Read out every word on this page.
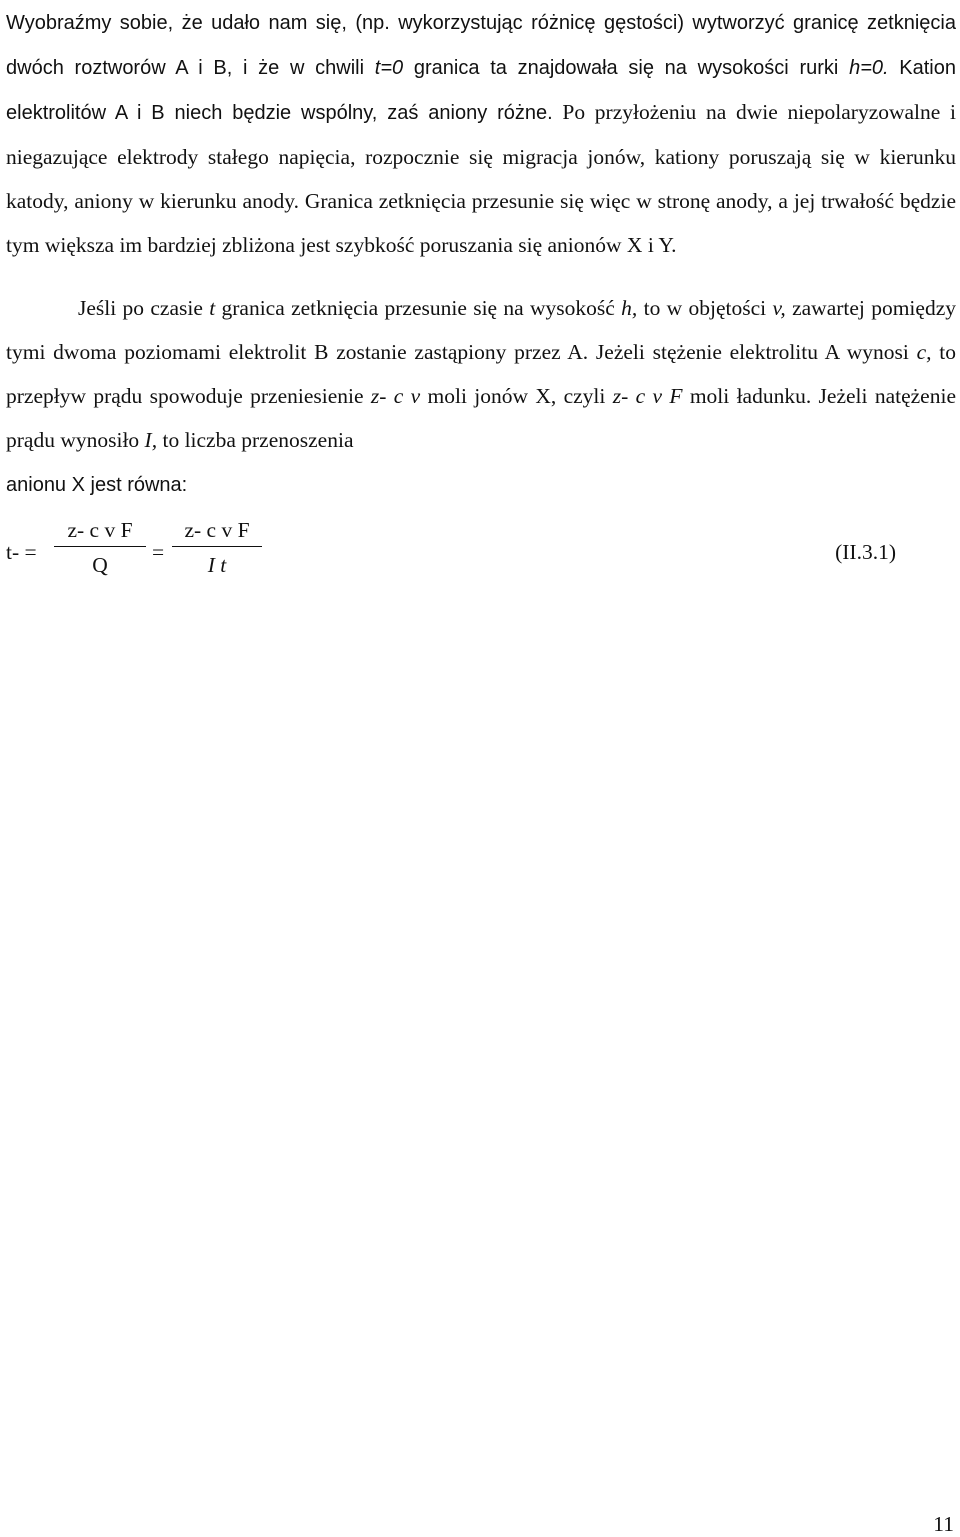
Wyobraźmy sobie, że udało nam się, (np. wykorzystując różnicę gęstości) wytworzyć granicę zetknięcia dwóch roztworów A i B, i że w chwili t=0 granica ta znajdowała się na wysokości rurki h=0. Kation elektrolitów A i B niech będzie wspólny, zaś aniony różne. Po przyłożeniu na dwie niepolaryzowalne i niegazujące elektrody stałego napięcia, rozpocznie się migracja jonów, kationy poruszają się w kierunku katody, aniony w kierunku anody. Granica zetknięcia przesunie się więc w stronę anody, a jej trwałość będzie tym większa im bardziej zbliżona jest szybkość poruszania się anionów X i Y.

Jeśli po czasie t granica zetknięcia przesunie się na wysokość h, to w objętości v, zawartej pomiędzy tymi dwoma poziomami elektrolit B zostanie zastąpiony przez A. Jeżeli stężenie elektrolitu A wynosi c, to przepływ prądu spowoduje przeniesienie z- c v moli jonów X, czyli z- c v F moli ładunku. Jeżeli natężenie prądu wynosiło I, to liczba przenoszenia
anionu X jest równa:

t- =
z- c v F
Q
=
z- c v F
I t
(II.3.1)
11
